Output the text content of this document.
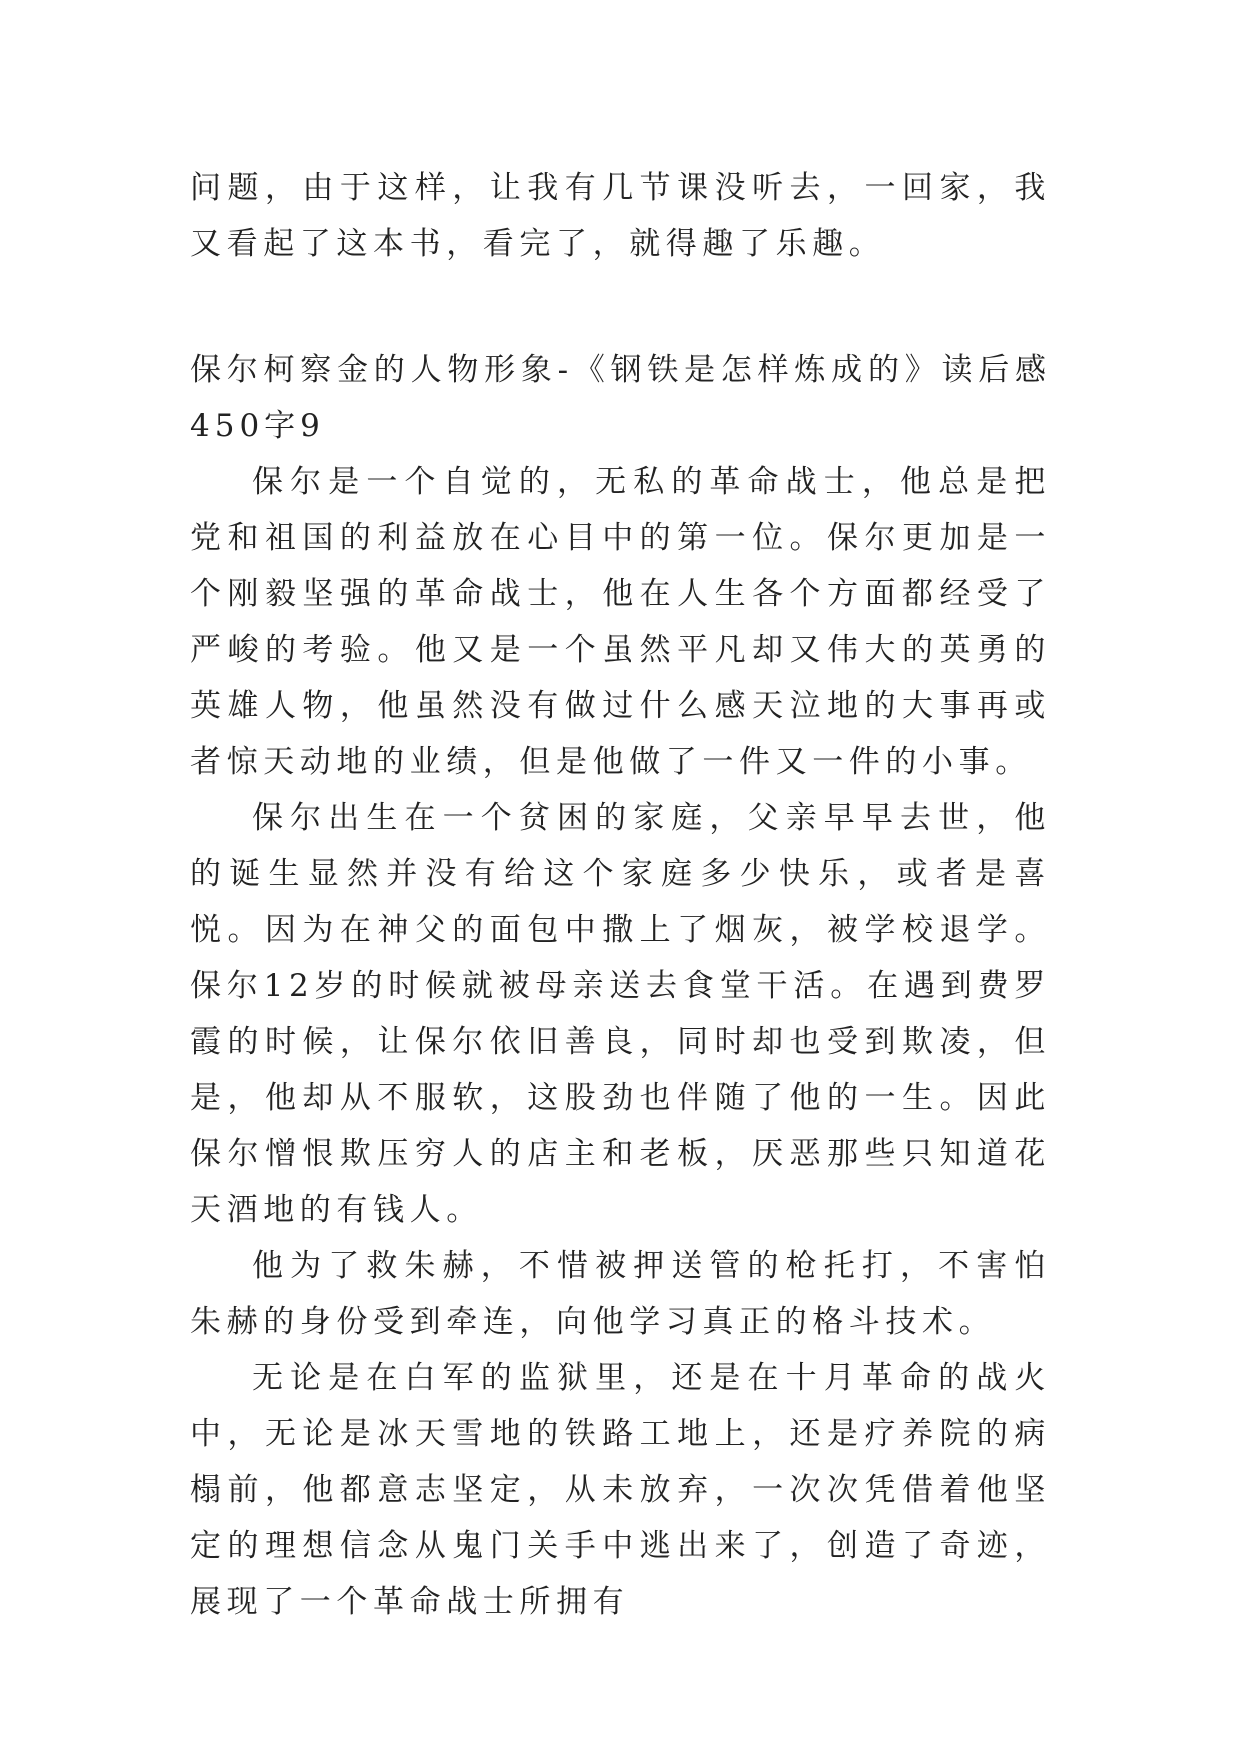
问题，由于这样，让我有几节课没听去，一回家，我又看起了这本书，看完了，就得趣了乐趣。

保尔柯察金的人物形象-《钢铁是怎样炼成的》读后感450字9

保尔是一个自觉的，无私的革命战士，他总是把党和祖国的利益放在心目中的第一位。保尔更加是一个刚毅坚强的革命战士，他在人生各个方面都经受了严峻的考验。他又是一个虽然平凡却又伟大的英勇的英雄人物，他虽然没有做过什么感天泣地的大事再或者惊天动地的业绩，但是他做了一件又一件的小事。

保尔出生在一个贫困的家庭，父亲早早去世，他的诞生显然并没有给这个家庭多少快乐，或者是喜悦。因为在神父的面包中撒上了烟灰，被学校退学。保尔12岁的时候就被母亲送去食堂干活。在遇到费罗霞的时候，让保尔依旧善良，同时却也受到欺凌，但是，他却从不服软，这股劲也伴随了他的一生。因此保尔憎恨欺压穷人的店主和老板，厌恶那些只知道花天酒地的有钱人。

他为了救朱赫，不惜被押送管的枪托打，不害怕朱赫的身份受到牵连，向他学习真正的格斗技术。

无论是在白军的监狱里，还是在十月革命的战火中，无论是冰天雪地的铁路工地上，还是疗养院的病榻前，他都意志坚定，从未放弃，一次次凭借着他坚定的理想信念从鬼门关手中逃出来了，创造了奇迹，展现了一个革命战士所拥有
